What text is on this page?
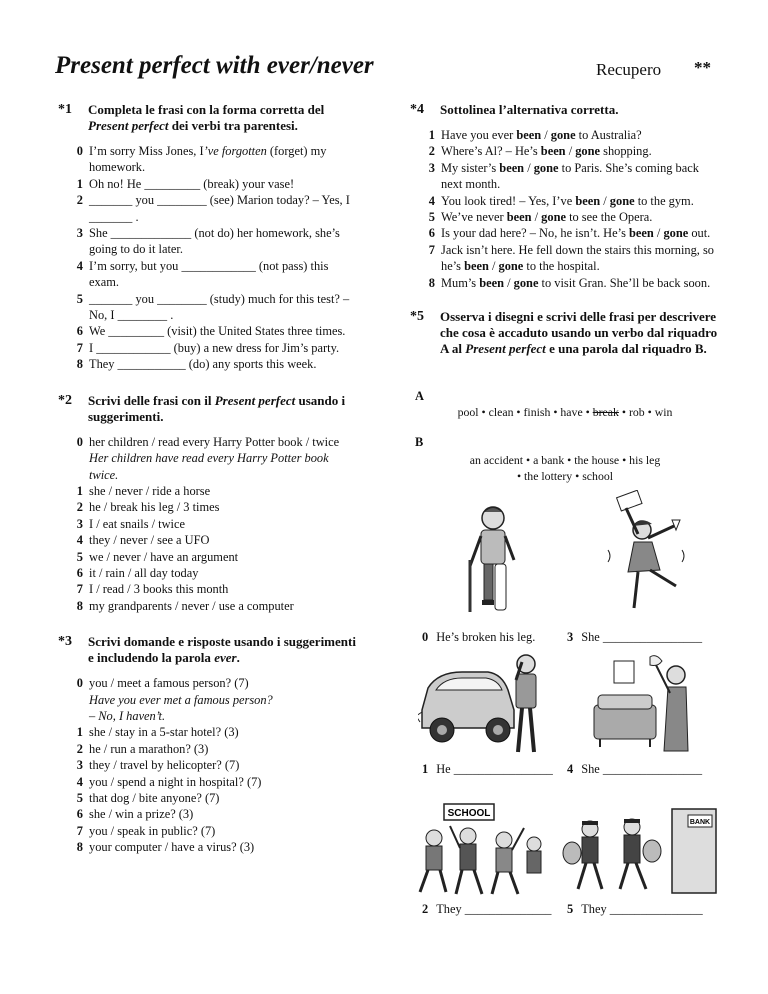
Present perfect with ever/never	Recupero **
*1	Completa le frasi con la forma corretta del
Present perfect dei verbi tra parentesi.
0 I’m sorry Miss Jones, I’ve forgotten (forget) my homework.
1 Oh no! He _________ (break) your vase!
2 _______ you ________ (see) Marion today? – Yes, I _______ .
3 She _____________ (not do) her homework, she’s going to do it later.
4 I’m sorry, but you ____________ (not pass) this exam.
5 _______ you ________ (study) much for this test? – No, I ________ .
6 We _________ (visit) the United States three times.
7 I ____________ (buy) a new dress for Jim’s party.
8 They ___________ (do) any sports this week.
*2	Scrivi delle frasi con il Present perfect usando i suggerimenti.
0 her children / read every Harry Potter book / twice
Her children have read every Harry Potter book twice.
1 she / never / ride a horse
2 he / break his leg / 3 times
3 I / eat snails / twice
4 they / never / see a UFO
5 we / never / have an argument
6 it / rain / all day today
7 I / read / 3 books this month
8 my grandparents / never / use a computer
*3	Scrivi domande e risposte usando i suggerimenti
e includendo la parola ever.
0 you / meet a famous person? (7)
Have you ever met a famous person?
– No, I haven’t.
1 she / stay in a 5-star hotel? (3)
2 he / run a marathon? (3)
3 they / travel by helicopter? (7)
4 you / spend a night in hospital? (7)
5 that dog / bite anyone? (7)
6 she / win a prize? (3)
7 you / speak in public? (7)
8 your computer / have a virus? (3)
*4	Sottolinea l’alternativa corretta.
1 Have you ever been / gone to Australia?
2 Where’s Al? – He’s been / gone shopping.
3 My sister’s been / gone to Paris. She’s coming back next month.
4 You look tired! – Yes, I’ve been / gone to the gym.
5 We’ve never been / gone to see the Opera.
6 Is your dad here? – No, he isn’t. He’s been / gone out.
7 Jack isn’t here. He fell down the stairs this morning, so he’s been / gone to the hospital.
8 Mum’s been / gone to visit Gran. She’ll be back soon.
*5	Osserva i disegni e scrivi delle frasi per descrivere che cosa è accaduto usando un verbo dal riquadro A al Present perfect e una parola dal riquadro B.
A
pool • clean • finish • have • break • rob • win
B
an accident • a bank • the house • his leg
• the lottery • school
0 He’s broken his leg.	3 She ________________
1 He ________________ 4 She ________________
SCHOOL
BANK
2 They ______________ 5 They _______________
